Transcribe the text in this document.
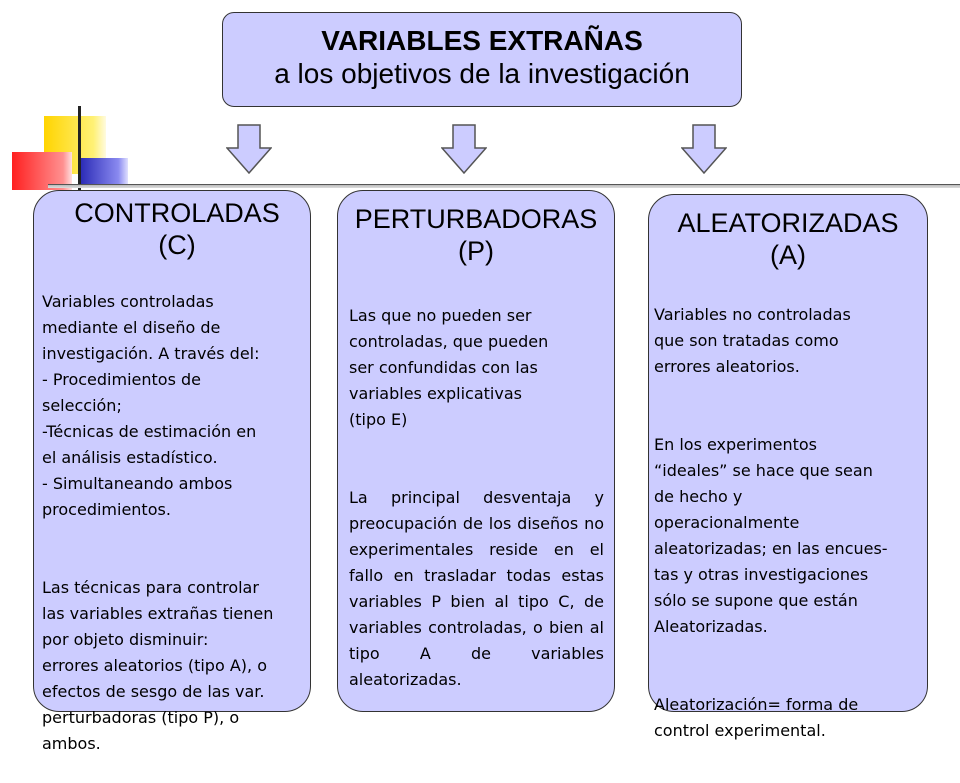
VARIABLES EXTRAÑAS
a los objetivos de la investigación
CONTROLADAS
(C)

Variables controladas
mediante el diseño de
investigación. A través del:
- Procedimientos de
selección;
-Técnicas de estimación en
el análisis estadístico.
- Simultaneando ambos
procedimientos.

Las técnicas para controlar
las variables extrañas tienen
por objeto disminuir:
errores aleatorios (tipo A), o
efectos de sesgo de las var.
perturbadoras (tipo P), o
ambos.

PERTURBADORAS
(P)

Las que no pueden ser
controladas, que pueden
ser confundidas con las
variables explicativas
(tipo E)

La principal desventaja y preocupación de los diseños no experimentales reside en el fallo en trasladar todas estas variables P bien al tipo C, de variables controladas, o bien al tipo A de variables aleatorizadas.

ALEATORIZADAS
(A)

Variables no controladas
que son tratadas como
errores aleatorios.

En los experimentos
“ideales” se hace que sean
de hecho y
operacionalmente
aleatorizadas; en las encues-
tas y otras investigaciones
sólo se supone que están
Aleatorizadas.

Aleatorización= forma de
control experimental.
